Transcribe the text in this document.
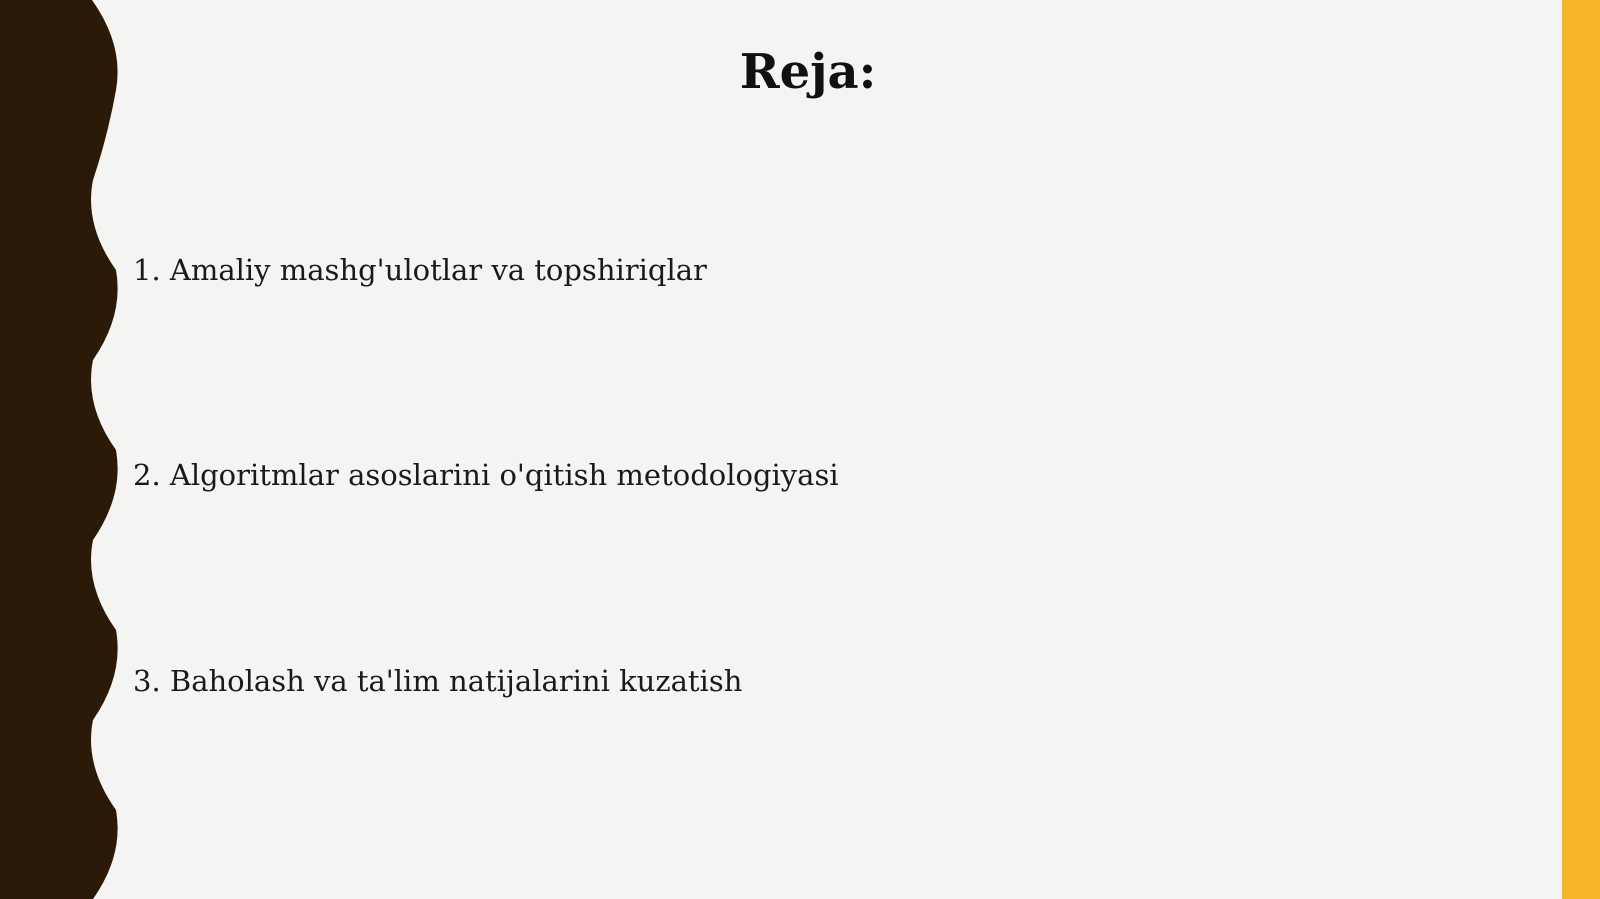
Reja:
1. Amaliy mashg'ulotlar va topshiriqlar
2. Algoritmlar asoslarini o'qitish metodologiyasi
3. Baholash va ta'lim natijalarini kuzatish
